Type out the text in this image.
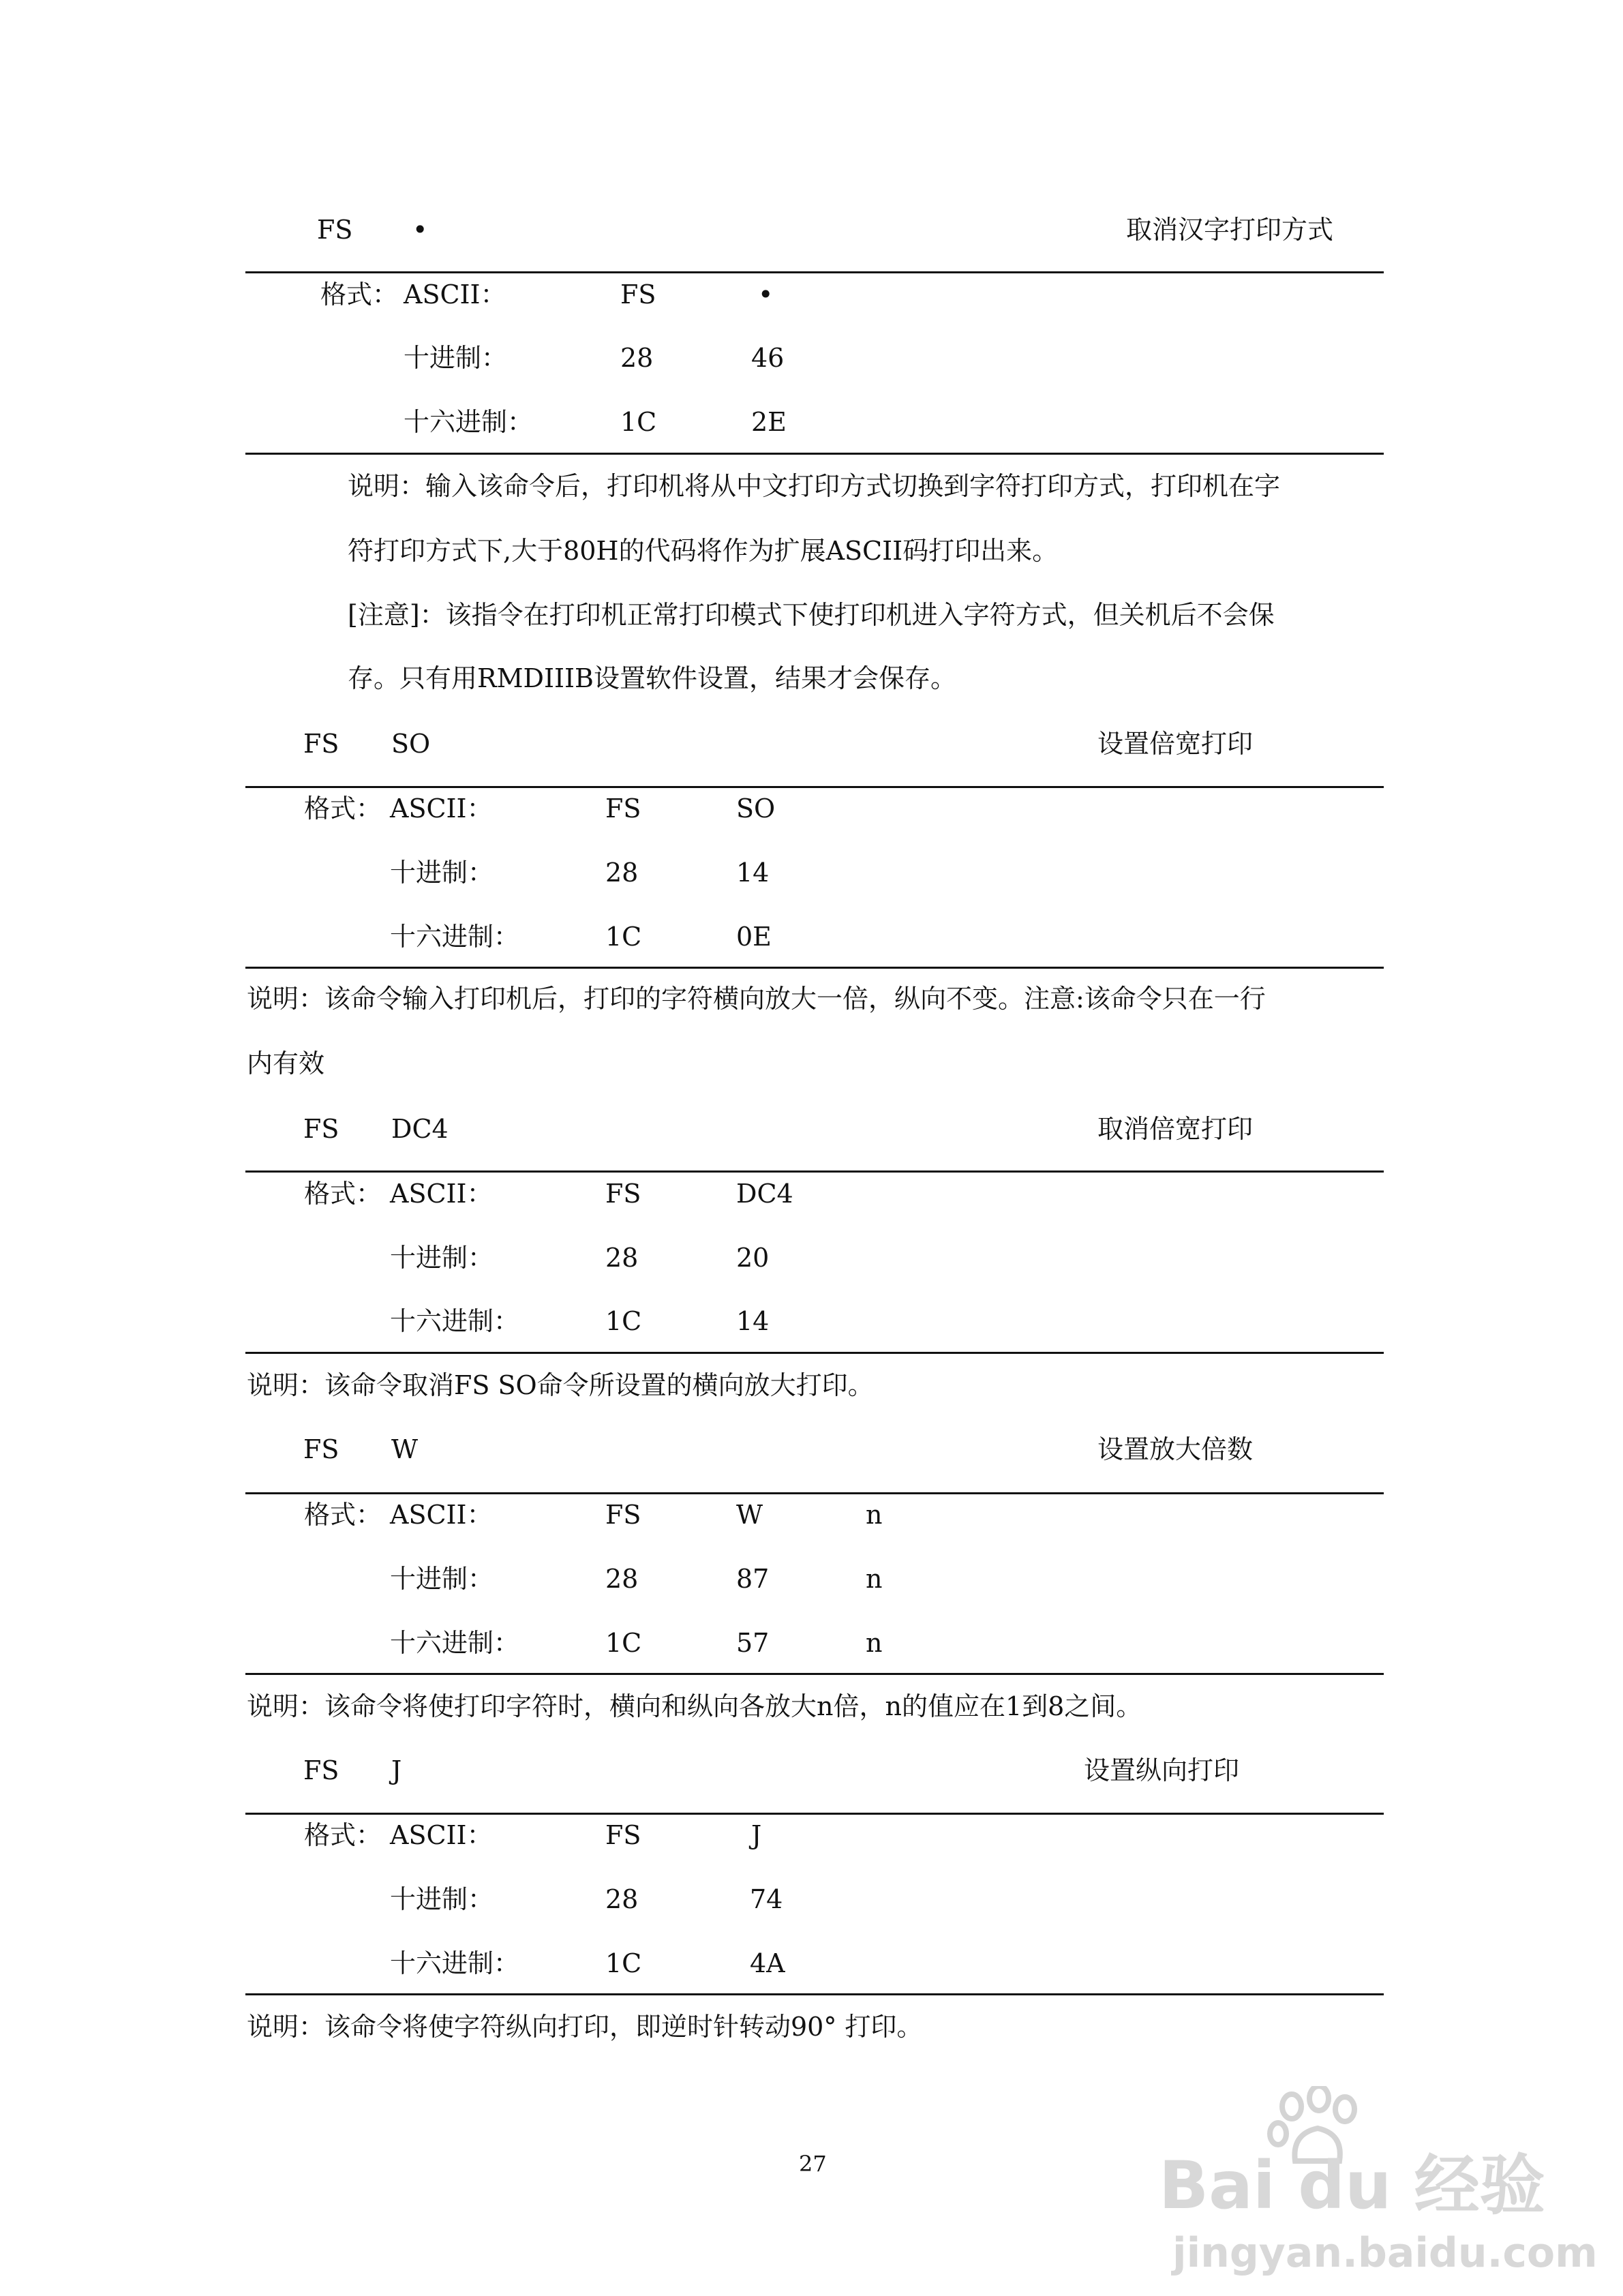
FS •	取消汉字打印方式
格式： ASCII：	FS	•
十进制：	28	46
十六进制：	1C	2E
说明：输入该命令后，打印机将从中文打印方式切换到字符打印方式，打印机在字
符打印方式下,大于80H的代码将作为扩展ASCII码打印出来。
[注意]：该指令在打印机正常打印模式下使打印机进入字符方式，但关机后不会保
存。只有用RMDIIIB设置软件设置，结果才会保存。
FS SO	设置倍宽打印
格式： ASCII：	FS	SO
十进制：	28	14
十六进制：	1C	0E
说明：该命令输入打印机后，打印的字符横向放大一倍，纵向不变。注意:该命令只在一行
内有效
FS DC4	取消倍宽打印
格式： ASCII：	FS	DC4
十进制：	28	20
十六进制：	1C	14
说明：该命令取消FS SO命令所设置的横向放大打印。
FS W	设置放大倍数
格式： ASCII：	FS	W	n
十进制：	28	87	n
十六进制：	1C	57	n
说明：该命令将使打印字符时，横向和纵向各放大n倍，n的值应在1到8之间。
FS J	设置纵向打印
格式： ASCII：	FS	J
十进制：	28	74
十六进制：	1C	4A
说明：该命令将使字符纵向打印，即逆时针转动90° 打印。
27	Bai du 经验
jingyan.baidu.com
